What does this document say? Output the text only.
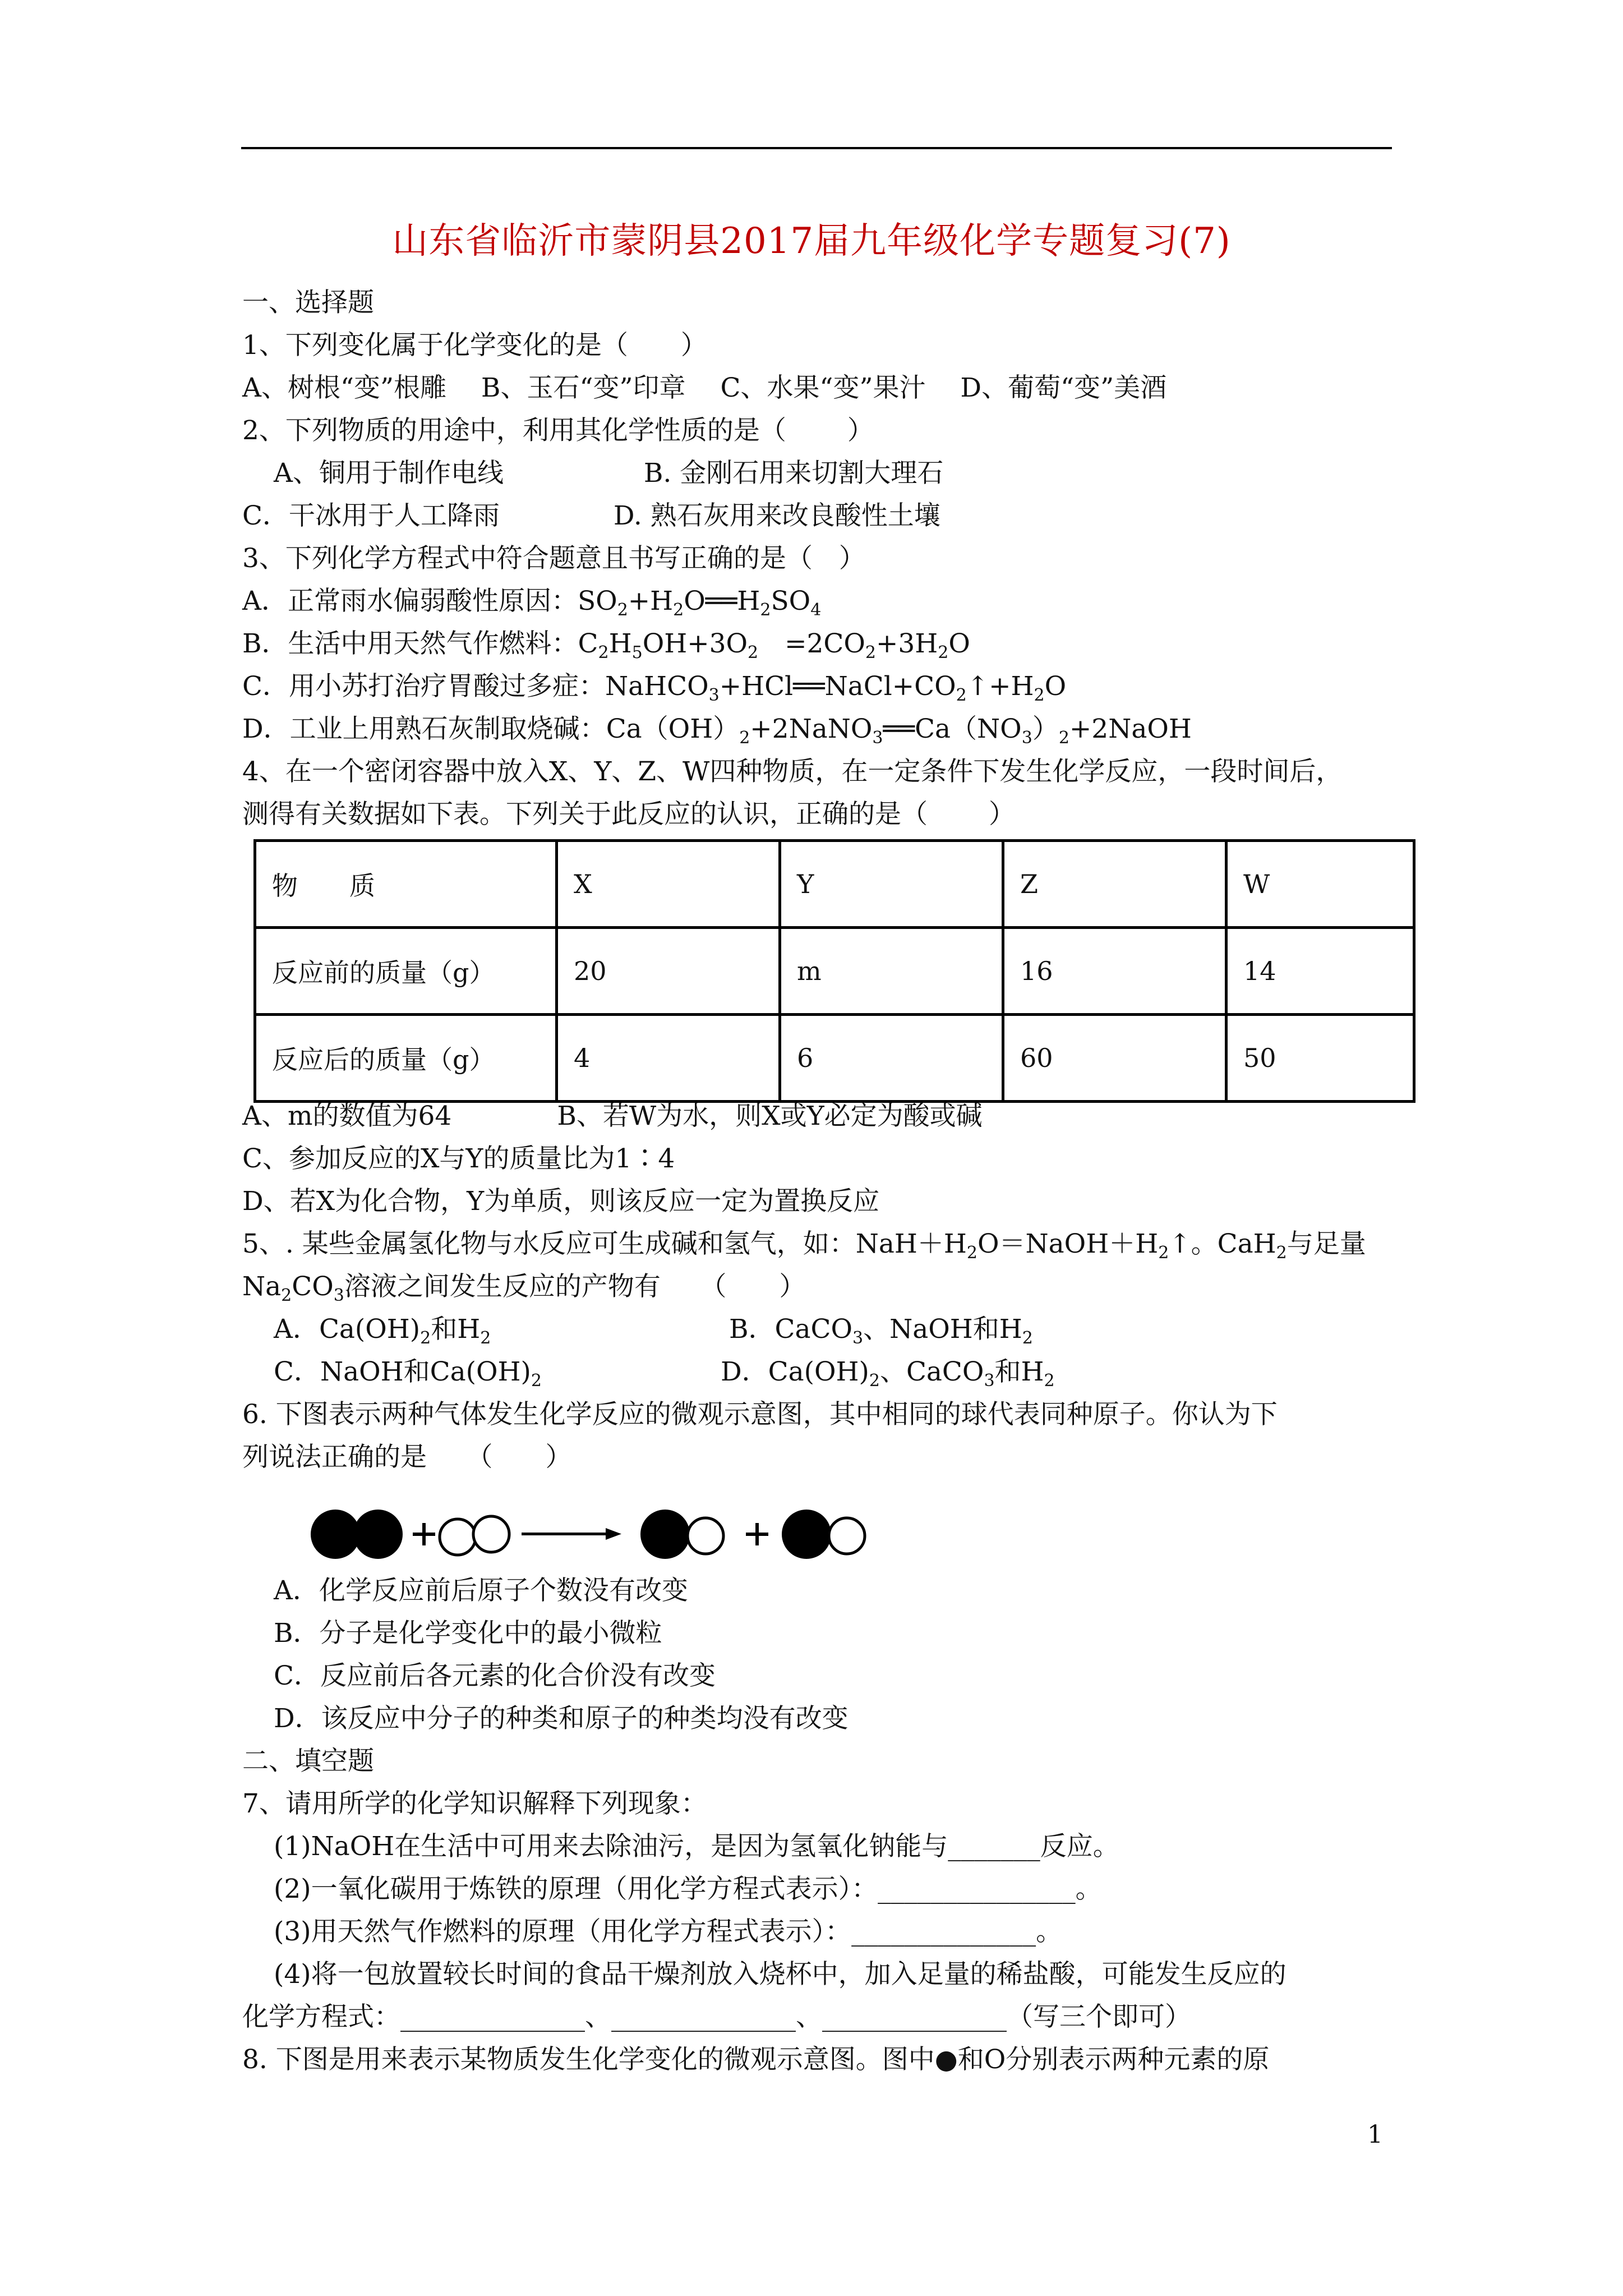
山东省临沂市蒙阴县2017届九年级化学专题复习(7)
一、选择题
1、下列变化属于化学变化的是（　　）
A、树根“变”根雕　 B、玉石“变”印章　 C、水果“变”果汁　 D、葡萄“变”美酒
2、下列物质的用途中，利用其化学性质的是（　　 ）
A、铜用于制作电线　　　　　 B. 金刚石用来切割大理石
C．干冰用于人工降雨　　　　 D. 熟石灰用来改良酸性土壤
3、下列化学方程式中符合题意且书写正确的是（　）
A．正常雨水偏弱酸性原因：$SO_2+H_2O══H_2SO_4$
B．生活中用天然气作燃料：$C_2H_5OH+3O_2$　$=2CO_2+3H_2O$
C．用小苏打治疗胃酸过多症：$NaHCO_3+HCl══NaCl+CO_2↑+H_2O$
D．工业上用熟石灰制取烧碱：$Ca(OH)_2+2NaNO_3══Ca(NO_3)_2+2NaOH$
4、在一个密闭容器中放入X、Y、Z、W四种物质，在一定条件下发生化学反应，一段时间后，
测得有关数据如下表。下列关于此反应的认识，正确的是（　　 ）
物　　质	X	Y	Z	W
反应前的质量（g）	20	m	16	14
反应后的质量（g）	4	6	60	50
A、m的数值为64　　　　B、若W为水，则X或Y必定为酸或碱
C、参加反应的X与Y的质量比为1∶4
D、若X为化合物，Y为单质，则该反应一定为置换反应
5、. 某些金属氢化物与水反应可生成碱和氢气，如：$NaH+H_2O=NaOH+H_2↑$。CaH$_2$与足量
$Na_2CO_3$溶液之间发生反应的产物有　　（　　）
A．$Ca(OH)_2$和$H_2$	B．CaCO$_3$、NaOH和$H_2$
C．NaOH和$Ca(OH)_2$	D．$Ca(OH)_2$、CaCO$_3$和$H_2$
6. 下图表示两种气体发生化学反应的微观示意图，其中相同的球代表同种原子。你认为下
列说法正确的是　　（　　）
A．化学反应前后原子个数没有改变
B．分子是化学变化中的最小微粒
C．反应前后各元素的化合价没有改变
D．该反应中分子的种类和原子的种类均没有改变
二、填空题
7、请用所学的化学知识解释下列现象：
(1)NaOH在生活中可用来去除油污，是因为氢氧化钠能与_______反应。
(2)一氧化碳用于炼铁的原理（用化学方程式表示）：_______________。
(3)用天然气作燃料的原理（用化学方程式表示）：______________。
(4)将一包放置较长时间的食品干燥剂放入烧杯中，加入足量的稀盐酸，可能发生反应的
化学方程式：______________、______________、______________（写三个即可）
8. 下图是用来表示某物质发生化学变化的微观示意图。图中●和O分别表示两种元素的原
1
